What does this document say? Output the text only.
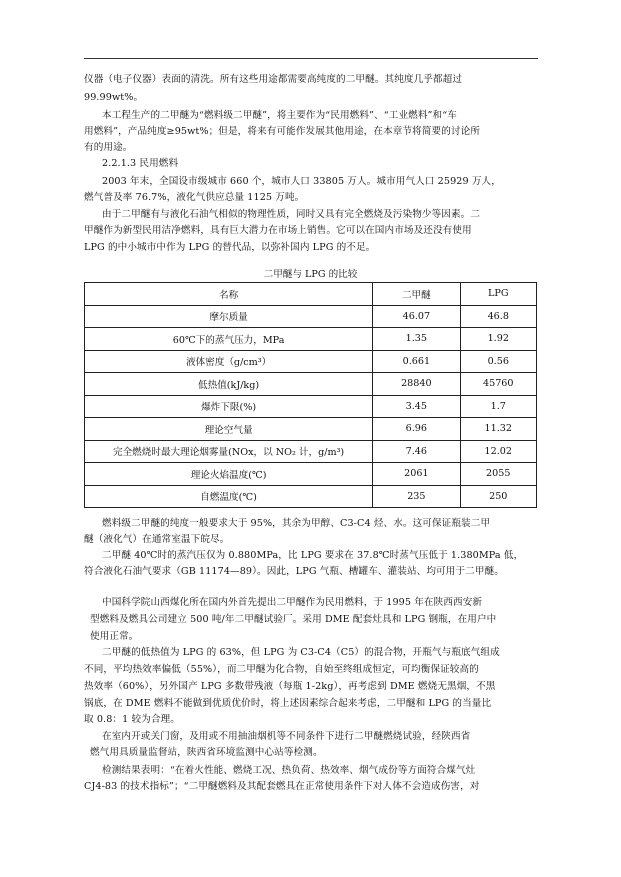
仪器（电子仪器）表面的清洗。所有这些用途都需要高纯度的二甲醚。其纯度几乎都超过
99.99wt%。
本工程生产的二甲醚为“燃料级二甲醚”，将主要作为“民用燃料”、“工业燃料”和“车
用燃料”，产品纯度≥95wt%；但是，将来有可能作发展其他用途，在本章节将简要的讨论所
有的用途。
2.2.1.3 民用燃料
2003 年末，全国设市级城市 660 个，城市人口 33805 万人。城市用气人口 25929 万人，
燃气普及率 76.7%，液化气供应总量 1125 万吨。
由于二甲醚有与液化石油气相似的物理性质，同时又具有完全燃烧及污染物少等因素。二
甲醚作为新型民用洁净燃料，具有巨大潜力在市场上销售。它可以在国内市场及还没有使用
LPG 的中小城市中作为 LPG 的替代品，以弥补国内 LPG 的不足。
二甲醚与 LPG 的比较
名称	二甲醚	LPG
摩尔质量	46.07	46.8
60℃下的蒸气压力，MPa	1.35	1.92
液体密度（g/cm³）	0.661	0.56
低热值(kJ/kg)	28840	45760
爆炸下限(%)	3.45	1.7
理论空气量	6.96	11.32
完全燃烧时最大理论烟雾量(NOx，以 NO₂ 计，g/m³)	7.46	12.02
理论火焰温度(℃)	2061	2055
自燃温度(℃)	235	250
燃料级二甲醚的纯度一般要求大于 95%，其余为甲醇、C3-C4 烃、水。这可保证瓶装二甲
醚（液化气）在通常室温下皖尽。
二甲醚 40℃时的蒸汽压仅为 0.880MPa，比 LPG 要求在 37.8℃时蒸气压低于 1.380MPa 低，
符合液化石油气要求（GB 11174—89）。因此，LPG 气瓶、槽罐车、灌装站、均可用于二甲醚。
中国科学院山西煤化所在国内外首先提出二甲醚作为民用燃料，于 1995 年在陕西西安新
型燃料及燃具公司建立 500 吨/年二甲醚试验厂。采用 DME 配套灶具和 LPG 钢瓶，在用户中
使用正常。
二甲醚的低热值为 LPG 的 63%，但 LPG 为 C3-C4（C5）的混合物，开瓶气与瓶底气组成
不同，平均热效率偏低（55%），而二甲醚为化合物，自始至终组成恒定，可均衡保证较高的
热效率（60%），另外国产 LPG 多数带残液（每瓶 1-2kg），再考虑到 DME 燃烧无黑烟，不黑
锅底，在 DME 燃料不能做到优质优价时，将上述因素综合起来考虑，二甲醚和 LPG 的当量比
取 0.8：1 较为合理。
在室内开或关门窗，及用或不用抽油烟机等不同条件下进行二甲醚燃烧试验，经陕西省
燃气用具质量监督站，陕西省环境监测中心站等检测。
检测结果表明：“在着火性能、燃烧工况、热负荷、热效率、烟气成份等方面符合煤气灶
CJ4-83 的技术指标”；“二甲醚燃料及其配套燃具在正常使用条件下对人体不会造成伤害，对
